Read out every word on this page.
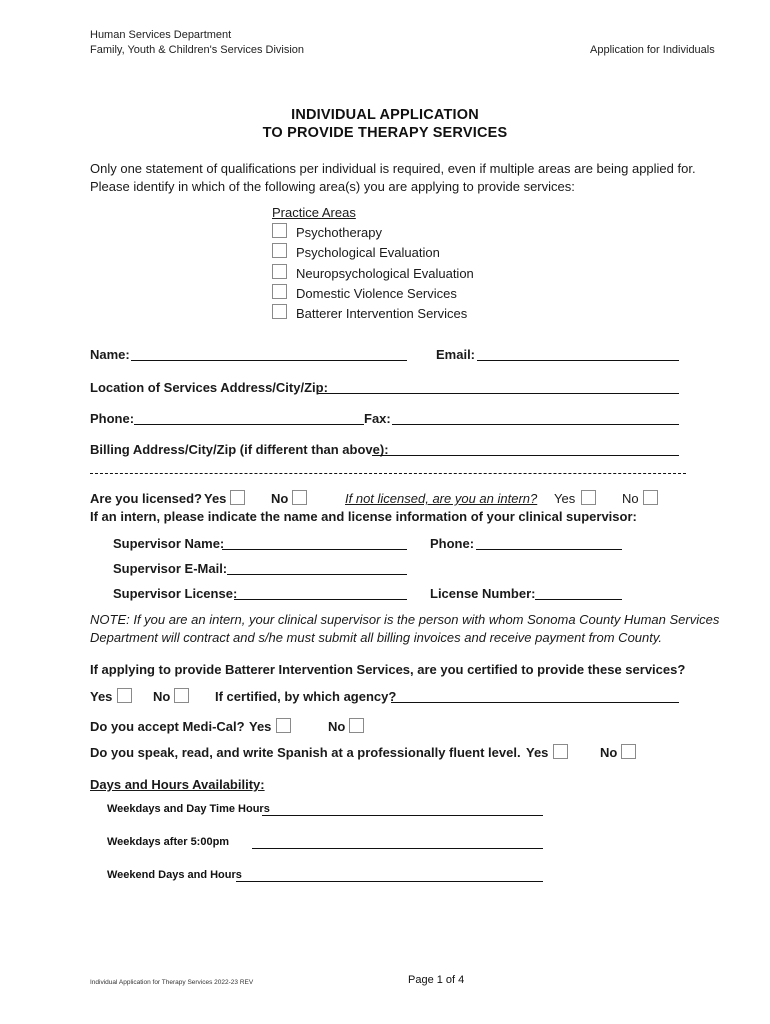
Human Services Department
Family, Youth & Children's Services Division	Application for Individuals
INDIVIDUAL APPLICATION
TO PROVIDE THERAPY SERVICES
Only one statement of qualifications per individual is required, even if multiple areas are being applied for.
Please identify in which of the following area(s) you are applying to provide services:
Practice Areas
Psychotherapy
Psychological Evaluation
Neuropsychological Evaluation
Domestic Violence Services
Batterer Intervention Services
Name:	Email:
Location of Services Address/City/Zip:
Phone:	Fax:
Billing Address/City/Zip (if different than above):
Are you licensed? Yes	No	If not licensed, are you an intern? Yes	No
If an intern, please indicate the name and license information of your clinical supervisor:
Supervisor Name:	Phone:
Supervisor E-Mail:
Supervisor License:	License Number:
NOTE: If you are an intern, your clinical supervisor is the person with whom Sonoma County Human Services
Department will contract and s/he must submit all billing invoices and receive payment from County.
If applying to provide Batterer Intervention Services, are you certified to provide these services?
Yes	No	If certified, by which agency?
Do you accept Medi-Cal? Yes	No
Do you speak, read, and write Spanish at a professionally fluent level. Yes	No
Days and Hours Availability:
Weekdays and Day Time Hours
Weekdays after 5:00pm
Weekend Days and Hours
Individual Application for Therapy Services 2022-23 REV	Page 1 of 4
